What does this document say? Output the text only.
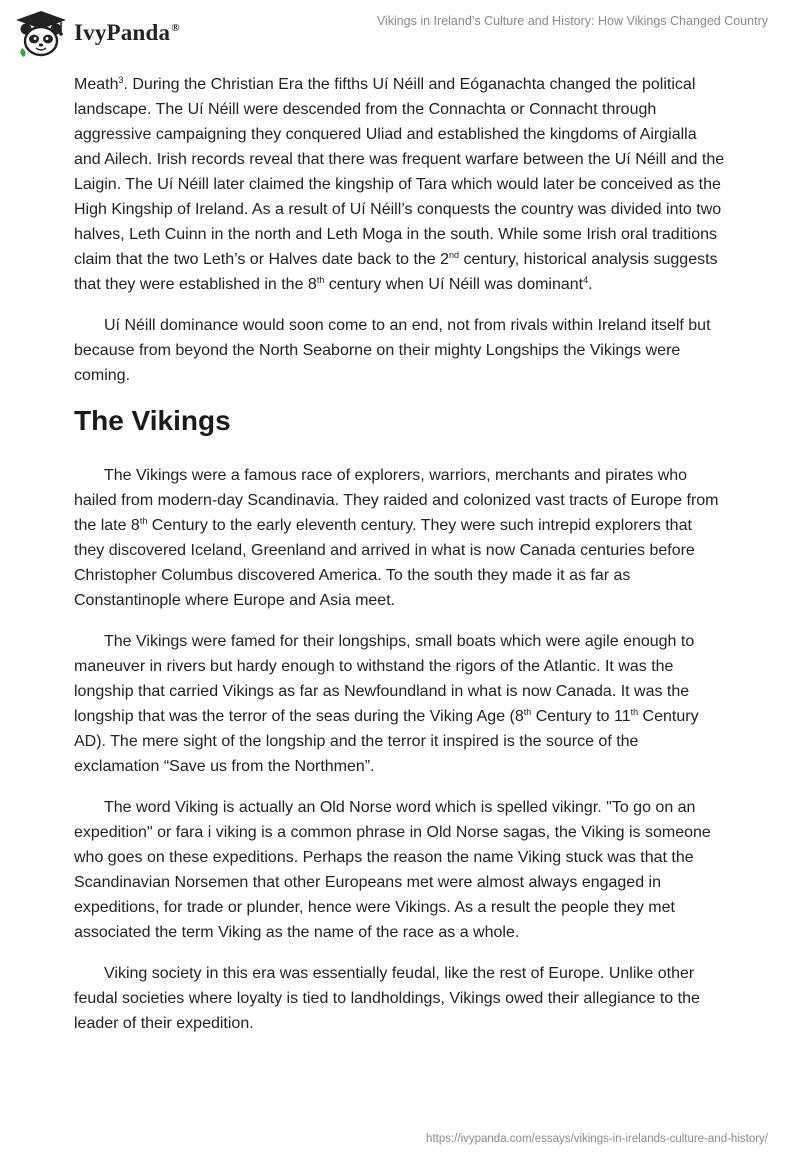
IvyPanda®	Vikings in Ireland’s Culture and History: How Vikings Changed Country

Meath$^3$. During the Christian Era the fifths Uí Néill and Eóganachta changed the political landscape. The Uí Néill were descended from the Connachta or Connacht through aggressive campaigning they conquered Uliad and established the kingdoms of Airgialla and Ailech. Irish records reveal that there was frequent warfare between the Uí Néill and the Laigin. The Uí Néill later claimed the kingship of Tara which would later be conceived as the High Kingship of Ireland. As a result of Uí Néill’s conquests the country was divided into two halves, Leth Cuinn in the north and Leth Moga in the south. While some Irish oral traditions claim that the two Leth’s or Halves date back to the 2nd century, historical analysis suggests that they were established in the 8th century when Uí Néill was dominant$^4$.

Uí Néill dominance would soon come to an end, not from rivals within Ireland itself but because from beyond the North Seaborne on their mighty Longships the Vikings were coming.

The Vikings

The Vikings were a famous race of explorers, warriors, merchants and pirates who hailed from modern-day Scandinavia. They raided and colonized vast tracts of Europe from the late 8th Century to the early eleventh century. They were such intrepid explorers that they discovered Iceland, Greenland and arrived in what is now Canada centuries before Christopher Columbus discovered America. To the south they made it as far as Constantinople where Europe and Asia meet.

The Vikings were famed for their longships, small boats which were agile enough to maneuver in rivers but hardy enough to withstand the rigors of the Atlantic. It was the longship that carried Vikings as far as Newfoundland in what is now Canada. It was the longship that was the terror of the seas during the Viking Age (8th Century to 11th Century AD). The mere sight of the longship and the terror it inspired is the source of the exclamation “Save us from the Northmen”.

The word Viking is actually an Old Norse word which is spelled vikingr. "To go on an expedition" or fara i viking is a common phrase in Old Norse sagas, the Viking is someone who goes on these expeditions. Perhaps the reason the name Viking stuck was that the Scandinavian Norsemen that other Europeans met were almost always engaged in expeditions, for trade or plunder, hence were Vikings. As a result the people they met associated the term Viking as the name of the race as a whole.

Viking society in this era was essentially feudal, like the rest of Europe. Unlike other feudal societies where loyalty is tied to landholdings, Vikings owed their allegiance to the leader of their expedition.

https://ivypanda.com/essays/vikings-in-irelands-culture-and-history/
